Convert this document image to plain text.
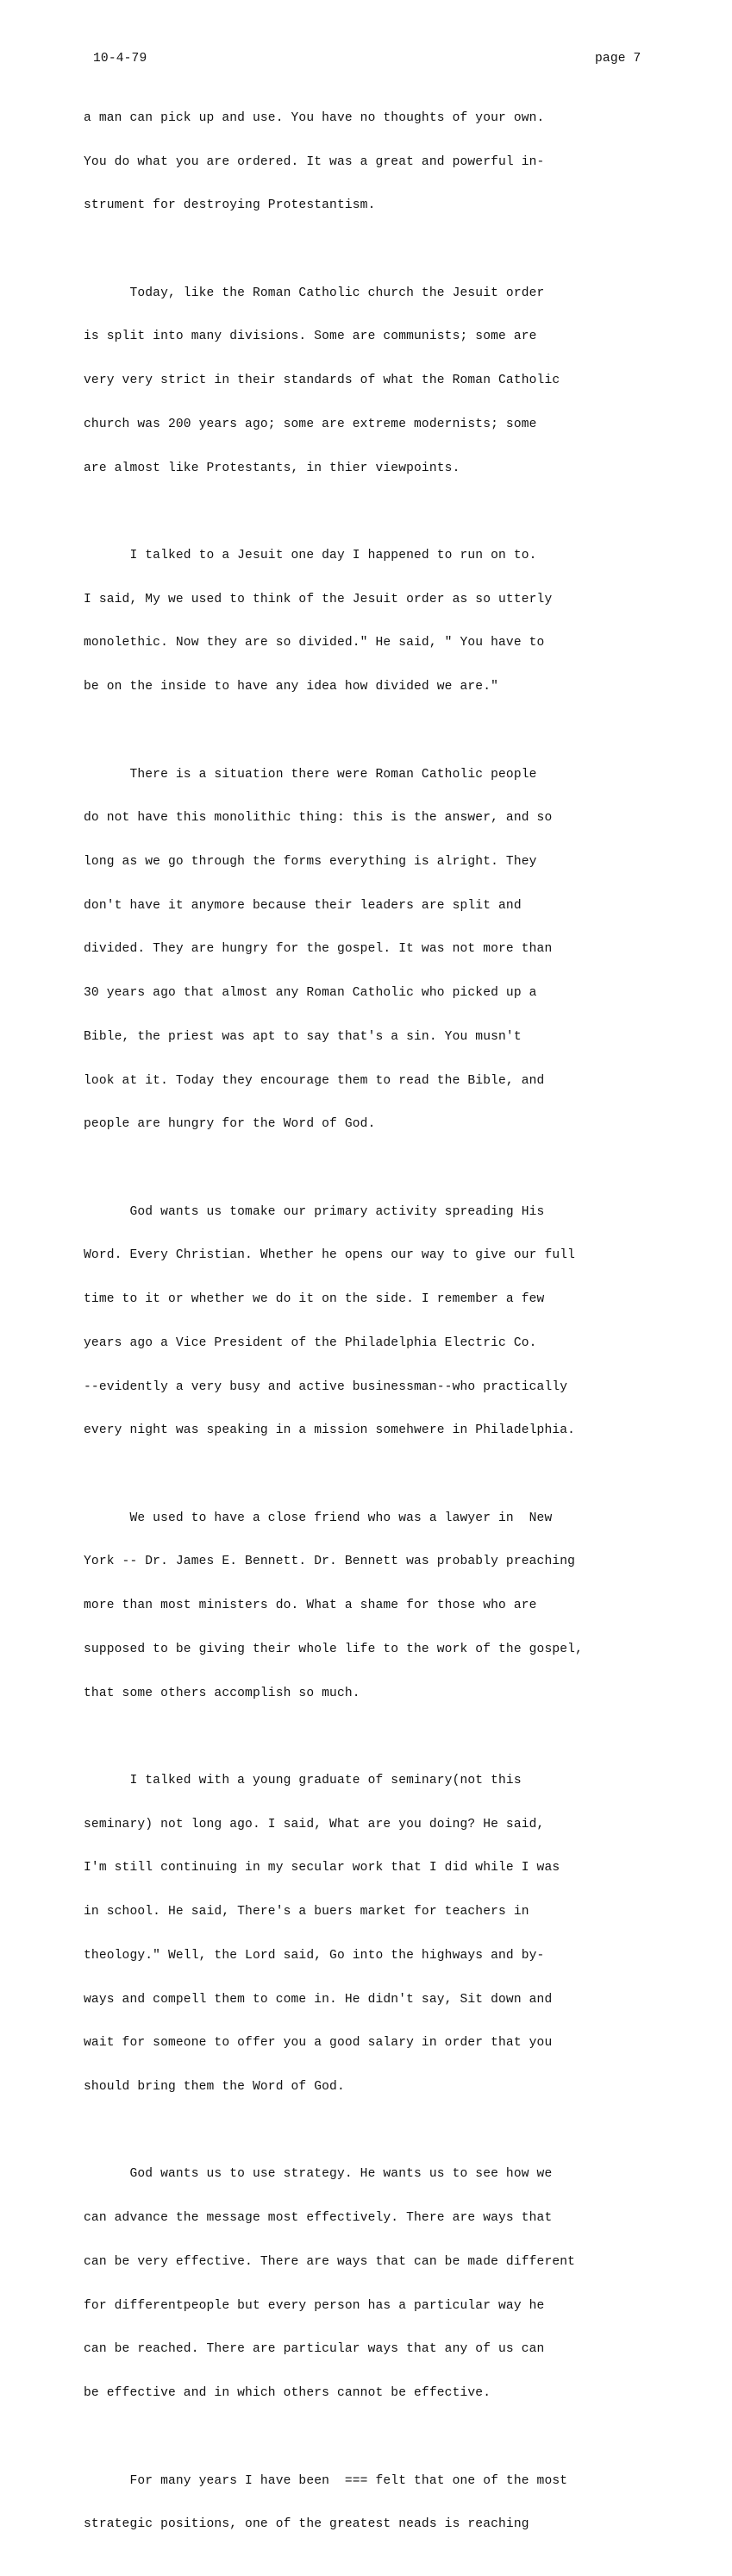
10-4-79	page 7

a man can pick up and use. You have no thoughts of your own.

You do what you are ordered. It was a great and powerful in-

strument for destroying Protestantism.

Today, like the Roman Catholic church the Jesuit order

is split into many divisions. Some are communists; some are

very very strict in their standards of what the Roman Catholic

church was 200 years ago; some are extreme modernists; some

are almost like Protestants, in thier viewpoints.

I talked to a Jesuit one day I happened to run on to.

I said, My we used to think of the Jesuit order as so utterly

monolethic. Now they are so divided." He said, " You have to

be on the inside to have any idea how divided we are."

There is a situation there were Roman Catholic people

do not have this monolithic thing: this is the answer, and so

long as we go through the forms everything is alright. They

don't have it anymore because their leaders are split and

divided. They are hungry for the gospel. It was not more than

30 years ago that almost any Roman Catholic who picked up a

Bible, the priest was apt to say that's a sin. You musn't

look at it. Today they encourage them to read the Bible, and

people are hungry for the Word of God.

God wants us tomake our primary activity spreading His

Word. Every Christian. Whether he opens our way to give our full

time to it or whether we do it on the side. I remember a few

years ago a Vice President of the Philadelphia Electric Co.

--evidently a very busy and active businessman--who practically

every night was speaking in a mission somehwere in Philadelphia.

We used to have a close friend who was a lawyer in  New

York -- Dr. James E. Bennett. Dr. Bennett was probably preaching

more than most ministers do. What a shame for those who are

supposed to be giving their whole life to the work of the gospel,

that some others accomplish so much.

I talked with a young graduate of seminary(not this

seminary) not long ago. I said, What are you doing? He said,

I'm still continuing in my secular work that I did while I was

in school. He said, There's a buers market for teachers in

theology." Well, the Lord said, Go into the highways and by-

ways and compell them to come in. He didn't say, Sit down and

wait for someone to offer you a good salary in order that you

should bring them the Word of God.

God wants us to use strategy. He wants us to see how we

can advance the message most effectively. There are ways that

can be very effective. There are ways that can be made different

for differentpeople but every person has a particular way he

can be reached. There are particular ways that any of us can

be effective and in which others cannot be effective.

For many years I have been  === felt that one of the most

strategic positions, one of the greatest neads is reaching
